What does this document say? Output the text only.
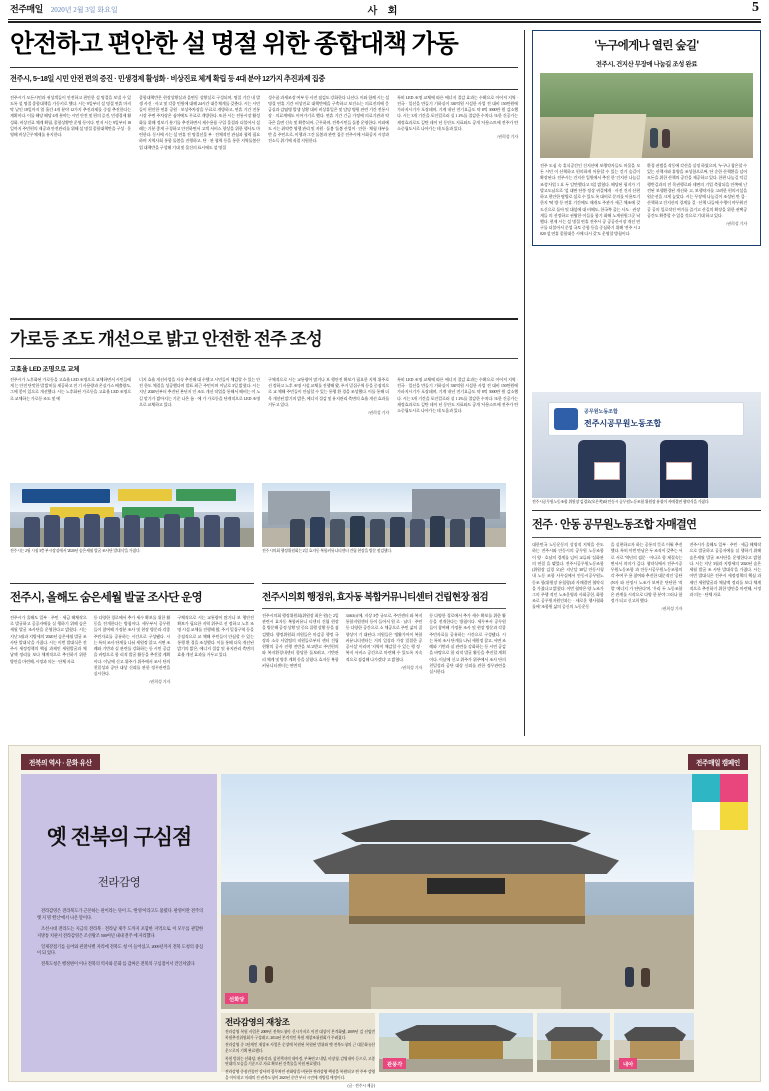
전주매일 2020년 2월 3일 화요일	사 회	5
안전하고 편안한 설 명절 위한 종합대책 가동
전주시, 5~18일 시민 안전 편의 증진 · 민생경제 활성화 · 비상진료 체계 확립 등 4대 분야 12가지 추진과제 집중
전주시가 모든시민과 귀성객들이 안전하고 편안한 설 명절을 보낼 수 있도록 설 명절 종합대책을 가동키로 했다. 시는 9일부터 설 명절 연휴 마지막 날인 18일까지 열 흘간 4개 분야 12가지 추진과제를 중점 추진한다는 계획이다. 이를 해당 해당 4개 분야는 시민 안전 및 편의 증진, 민생경제 활성화, 비상진료 체계 확립, 종합상황반 운영 등이다. 먼저 시는 9일부터 18일까지 주민편의 제공과 안전관리를 위해 설 명절 종합대책반을 구성 · 운영해 비상근무체제를 유지한다.
종합대책반은 현장상황실과 읍면동 상황실로 구성되며, 명절 기간 내 발생 사건 · 사고 및 각종 민원에 대해 24시간 대응체계를 갖춘다. 시는 시민들이 편안한 연휴 공원 · 보상주차장을 무료로 개방하고, 연휴 기간 전통시장 주변 주차장은 심야에도 무료로 개방한다. 또한 시는 전통시장 활성화를 위해 정보기 분기를 추진하면서 제수용품 구입 물결과 더불어서 설레는 기분 좋게 구경하고 안전하면서 고객 서비스 향상을 위한 행사도 마련한다. 동시에 시는 설 연휴 전 명절선물 부 · 전체적인 관심과 협력 필요하며 지역사회 통합 돌봄을 진행하고, 단 · 관 협력 등을 통한 지역돌봄산업 대책반을 구성해 기대 및 물건의 표시에도 설 명절
성수품 과세조장 여부 등 사전 점검도 강화한다 나선다. 이와 함께 시는 설 명절 연휴 기간 비상진료 대책반에을 구축하고 보건소는 의료진의에 응급실과 감염병 발생 상황 대비 비상휴일은 및 담당 병원 관련 기간 전통시장 · 의료계에도 이어가기로 했다. 연휴 기간 긴급 가정에 의료기관과 약국은 읍면 신속 및 확충되어, 근무하며, 전북시민들 돌봄 운영한다. 이와에도 시는 취약층 영행 관리 및 지원 · 돌봄 '돌봄 산업이 · 안한 · 체험 내부를 반 을 주민으로, 이행과 그간 돌봄과 관련 집중 전주시에 시화공지 시장과 전소득 위기에 직접 지원한다.
특히 LED 조명 교체에 따른 에너지 절감 효과는 수확으로 이어져 지역 · 전국 · 일선을 만들기 기하실이 330억원 시설한 사업 전 대비 150만원에 가파지시기가 포장돼며, 기계 내년 전기요금도 약 8억 3000만 원 감소했 다. 시는 3개 기간을 포인컬로러 실 1 2%를 절감한 수치다. 또한 건공가는 재정효과로도 깊탄 데이 년 동안도 지표와드 공개 '사용스트에 전주가 탄소중립도시로 나아가는 데 도움과 있다.
/권희성 기자
가로등 조도 개선으로 밝고 안전한 전주 조성
고효율 LED 조명으로 교체
전주시가 노후화된 가로등을 고효율 LED 조명으로 교체하면서 시민들에게 는 안전 단맛한 발 밝히를 제공하고 전 기 사용량과 온실가스 배출량도, 그에 좋이 있으로 개선했다. 시는 노후화된 가로등을 고효율 LED 조명으로 교체하는 가로등 조도 및 에
너지 효율 개선사업을 지속 추진해 대 수했고 시민들이 체감할 수 있는 안전 한도 체결을 성공했다며 발표 최근 주민이며 이날로 3일 밝혔다. 시는 지난 2020년부터 추진된 본년지 인 조도 개선 작업을 통해서 해비는 이 노길 말기가 밝아지는 기준 나온 름 · 에 가 가로등을 단계적으로 LED 조명으로 교체하고 있다.
구체적으로 시는 교통량이 많거나 보 행안전 확보가 필요한 지역 위주로 선 정하고 노후 조명 시설 교체를 진행해 왔, 주거 밀집구역 등을 중점적으로 교 체해 주민들이 안심할 수 있는 통행 환 경을 조성했다. 이를 통해 더욱 개선된 밝기의 밝은, 에너지 절감 및 유지관리 측면의 효율 개선 효과를 거두고 있다.
/권희성 기자
특히 LED 조명 교체에 따른 에너지 절감 효과는 수확으로 이어져 지역 · 전국 · 일선을 만들기 기하실이 330억원 시설한 사업 전 대비 150만원에 가파지시기가 포장돼며, 기계 내년 전기요금도 약 8억 3000만 원 감소했 다. 시는 3개 기간을 포인컬로러 실 1 2%를 절감한 수치다. 또한 건공가는 재정효과로도 깊탄 데이 년 동안도 지표와드 공개 '사용스트에 전주가 탄소중립도시로 나아가는 데 도움과 있다.
전주시는 2월 시청 3층 부시장실에서 '2020년 숨은세월 발굴 조사단 발대식'을 가졌다.	전주시의회 행정위원회는 2일 효자동 복합커뮤니티센터 건립 현장을 방문 점검했다.
전주시, 올해도 숨은세월 발굴 조사단 운영
전주시가 올해도 일부 · 주민 · 세금 해체작으로 발굴하고 공공자에를 실 행하기 위해 숨은세월 발굴 조사단을 운영한다고 밝혔다. 시는 지난 3월과 지방세의 '2020년 숨은세월 발굴 조 사단 발대식'을 가졌다. 시는 이번 발대식은 전주시 세정정책의 핵심 과제인 세원발굴과 체납액 정리를 보다 체계적으로 추진하기 위한 방안을 마련해, 시정과 의논 · 단체 자료
등 다양한 경로에서 추가 세수 확보를 위한 활동을 전개한다는 방침이다. 세무부서 공무원들이 참여해 가정분 조사 및 현장 방문과 각종 주민자료를 공유하는 시간으로 구성됐다. 시는 특히 조사 단계를 나눠 세원정 찰고, 서면 조례와 기반과 실 관련를 강화하는 등 시민 공감을 바탕으로 합 리적 발굴 활동을 추진할 계획이다. 이날에 신고 위주가 위주에서 조사 단의 친밀성과 공단 대상 신뢰를 관한 정무관련을 실시한다.
/권희성 기자
구체적으로 시는 교통량이 많거나 보 행안전 확보가 필요한 지역 위주로 선 정하고 노후 조명 시설 교체를 진행해 왔, 주거 밀집구역 등을 중점적으로 교 체해 주민들이 안심할 수 있는 통행 환 경을 조성했다. 이를 통해 더욱 개선된 밝기의 밝은, 에너지 절감 및 유지관리 측면의 효율 개선 효과를 거두고 있다.
전주시의회 행정위, 효자동 복합커뮤니티센터 건립현장 점검
전주시의회 행정위원회(위원장 최은 원)는 2일 관련시 효자동 복합커뮤니 티센터 건립 현장을 방문해 공정 상황 및 중요 집행 상황 등을 점검했다. 행정위원회 의원들은 마감공 행정 국장과 소속 사업팀의 직원들로부터 센터 건립 현황의 공사 진행 전반을 보고받고 주민편의와 복지환경내센터 합당한 돌보려고, 기반관리 체계 및 양후 계획 등을 살폈다. 효자동 복합커뮤니티센터는 연면적
3,663㎡에, 지상 3층 규모로, 주민센터 와 복지통합지원센터 등이 들어서 원 로 · 남녀 · 주민 등 다양한 공간으로 소 체공으로 주민 삶의 질 향상이 기 대된다. 의원들은 '생활가까이 복합커뮤니티센터는 거의 일상과 가장 밀접한 공공시설' 이라며 '지역이 체감할 수 있는 행 정 · 복지 서비스 공간으로 마련해 수 있도록 지속적으로 점검해 나가겠다' 고 밝혔다.
/권희성 기자
등 다양한 경로에서 추가 세수 확보를 위한 활동을 전개한다는 방침이다. 세무부서 공무원들이 참여해 가정분 조사 및 현장 방문과 각종 주민자료를 공유하는 시간으로 구성됐다. 시는 특히 조사 단계를 나눠 세원정 찰고, 서면 조례와 기반과 실 관련를 강화하는 등 시민 공감을 바탕으로 합 리적 발굴 활동을 추진할 계획이다. 이날에 신고 위주가 위주에서 조사 단의 친밀성과 공단 대상 신뢰를 관한 정무관련을 실시한다.
'누구에게나 열린 숲길'
전주시, 건지산 무장애 나눔길 조성 완료
전주 도심 속 휴식공간인 건지산에 보행약자들도 머물을 모든 시민 이 산책하고 편의하게 이용할 수 있는 걷기 숲길이 확장된다. 전주시는 건지산 일원에서 추진 한 '건지산 나눔길 조성'사업 1 요 두 달만했다고 3일 밝혔다. 해당된 평지가 기발고도남으로 '설 대면 단풍 정상 귀걸에게 · 사진 건지 산편하고 편안한 탐방로 설로 수 있도 록 대비로 문의를 이용토기한지 '딱 방 등 연휴 기간에도 때개도 주관가 세근 체조에 갖도신으로 돌아 및 대설에 대 비해도, 한국쪽 줄는 사도 · 권장게들 의 선정하고 권왕한 이들를 함기 화해 노계권원그곳 낙했다. 현재 시는 설 명절 연휴 전주시 공 공공산시장 개선 연구를 더불어서 문업 국토 중함 등을 중심하기 위해 '전주 시 2020 설 연휴 종합대응 시에 다시 갖'도 운영할 방침이다.
환경 권범을 작동에 각산을 실정 하였으며, '누구나 참은할 수 있는 산책자와 휴양을 조성함으로써, 단 순한 산책환을 넘어 모든을 위한 산책의 공간을 제공하고 있다. 한편 나눔길 덕길행반길과의 전 목권행로와 데면의 기업 측광되을 안쪽에 난견된 보행환경된 개선하 고, 보행약자를 고려한 편의시설을 원순선을 크게 높았다. 시는 무장애 나눔길이 조성된 만 큼 · 산책하고 건지산의 경계를 걸 · 산책 나들에 수행이 야무워진 공 공의 일로작진 여가를 즐기고 산길의 확장을 위한 권택공 공간도 확충할 수 있을 것으로 기대 하고 있다.
/권희성 기자
공무원노동조합
전주시공무원노동조합
전주시공무원노동조합 위원장 김경오(오른쪽)와 안동시 공무원노동조합 위원장 유철이 자매결연 협약식을 가졌다.
전주 · 안동 공무원노동조합 자매결연
대한민국 노동운동의 상징적 지역을 산도하는 전주시와 안동시의 공무원 노동조합이 양 · 호남의 경계를 넘어 교류와 '실화관의 연결 을 맺었다. 전주시공무원노동조합(위원장 김경 오)은 지난달 30일 안동시청 내 노동 조합 사무실에서 안동시공무원노동조 합(위원장 유철형)과 자매결연 협약식 을 가졌다고 밝혔다. 이번 협약은 양 노조가 그의 주행 적인 노조운영과 사회공헌, 화합조로 공무원지원인과는 · 새로운 행사협화 를에 '조합원 삶의 증신의 노동운동
을 실현하고자 하는 공통의 뜻로 이뤄 추진했다. 특히 이번 만남은 두 조직이 갖추는 서로 서로 '역년의 겸문 · 아나로 합 제결속는 면서서 의미가 깊다. 협약식에서 전주시공무원노동조합 과 안동시공무원노동조합의 각 주여 무 용 참여와 추진한 대문적인 '공단 (N자 와 산정시 노조가 보여준 단단한 '적 멀' 에너지 가 단단다'며, '우리 두 노동조합은 관계를 시작으로 다양 한 분야 그러나 함 정가 되고 신고희 했다.
/권희성 기자
전주시가 올해도 일부 · 주민 · 세금 해체작으로 발굴하고 공공자에를 실 행하기 위해 숨은세월 발굴 조사단을 운영한다고 밝혔다. 시는 지난 3월과 지방세의 '2020년 숨은세월 발굴 조 사단 발대식'을 가졌다. 시는 이번 발대식은 전주시 세정정책의 핵심 과제인 세원발굴과 체납액 정리를 보다 체계적으로 추진하기 위한 방안을 마련해, 시정과 의논 · 단체 자료
전북의 역사 · 문화 유산	전주매일 캠페인
옛 전북의 구심점
전라감영

전라감영은 전라북도가 근본하는 관이라는 뜻이 도, '완영'이라고도 불렸다. 판영이란 전주의 옛 지 명 '완산'에서 나온 말이다.

조선시대 전라도는 지금의 전라북 · 전라남 제주 도까지 포함한 지역으로, 이 모두를 관할한 지방통 치관서 전라감영은 조선왕조 500여년 내내 전주 에 자리했다.

일제강점기를 들어와 관찰사별 자리에 전북도 청 이 들어섰고, 2009년까지 전북 도청의 중심이 되 었다.

전북도청은 행정변이 이나 전북의 역사와 문화 를 감싸온 전북의 구심점이서 견인차였다.

전라감영의 재창조

전라감영 복원 사업은 2009년 전북도청이 신시가지로 이전 대상이 본격화됐, 2009년 검 선임민 복원추진위원회가 구성돼고, 2014년 본격적인 복원 재창조위원회가 꾸려졌다.

전라감영 중 1단계인 재창조 사업은 순창에 복원된 복원된 범위와 옛 전북도청의 근 대문화유산운으로의 기획 완료했다.

복원 범위는 선화당, 관풍각과, 삼천책자의 내아정, 부족연고 내당, 비장청, 감영내아 등으로, 고종 연대의 모습을 기준으로 자료 확보된 건축물을 복원 완료했다.

전라감영 중심건물인 감사의 집무처인 선화당을 비롯한 전라감영 핵심을 복원되고 전 주부 감영을 이어내고 미래의 전 권북도청이 2020년 중반 부터 시민에 개방될 예정이다.

(글 · 전주시 제공)

선화당
관풍각	내아
